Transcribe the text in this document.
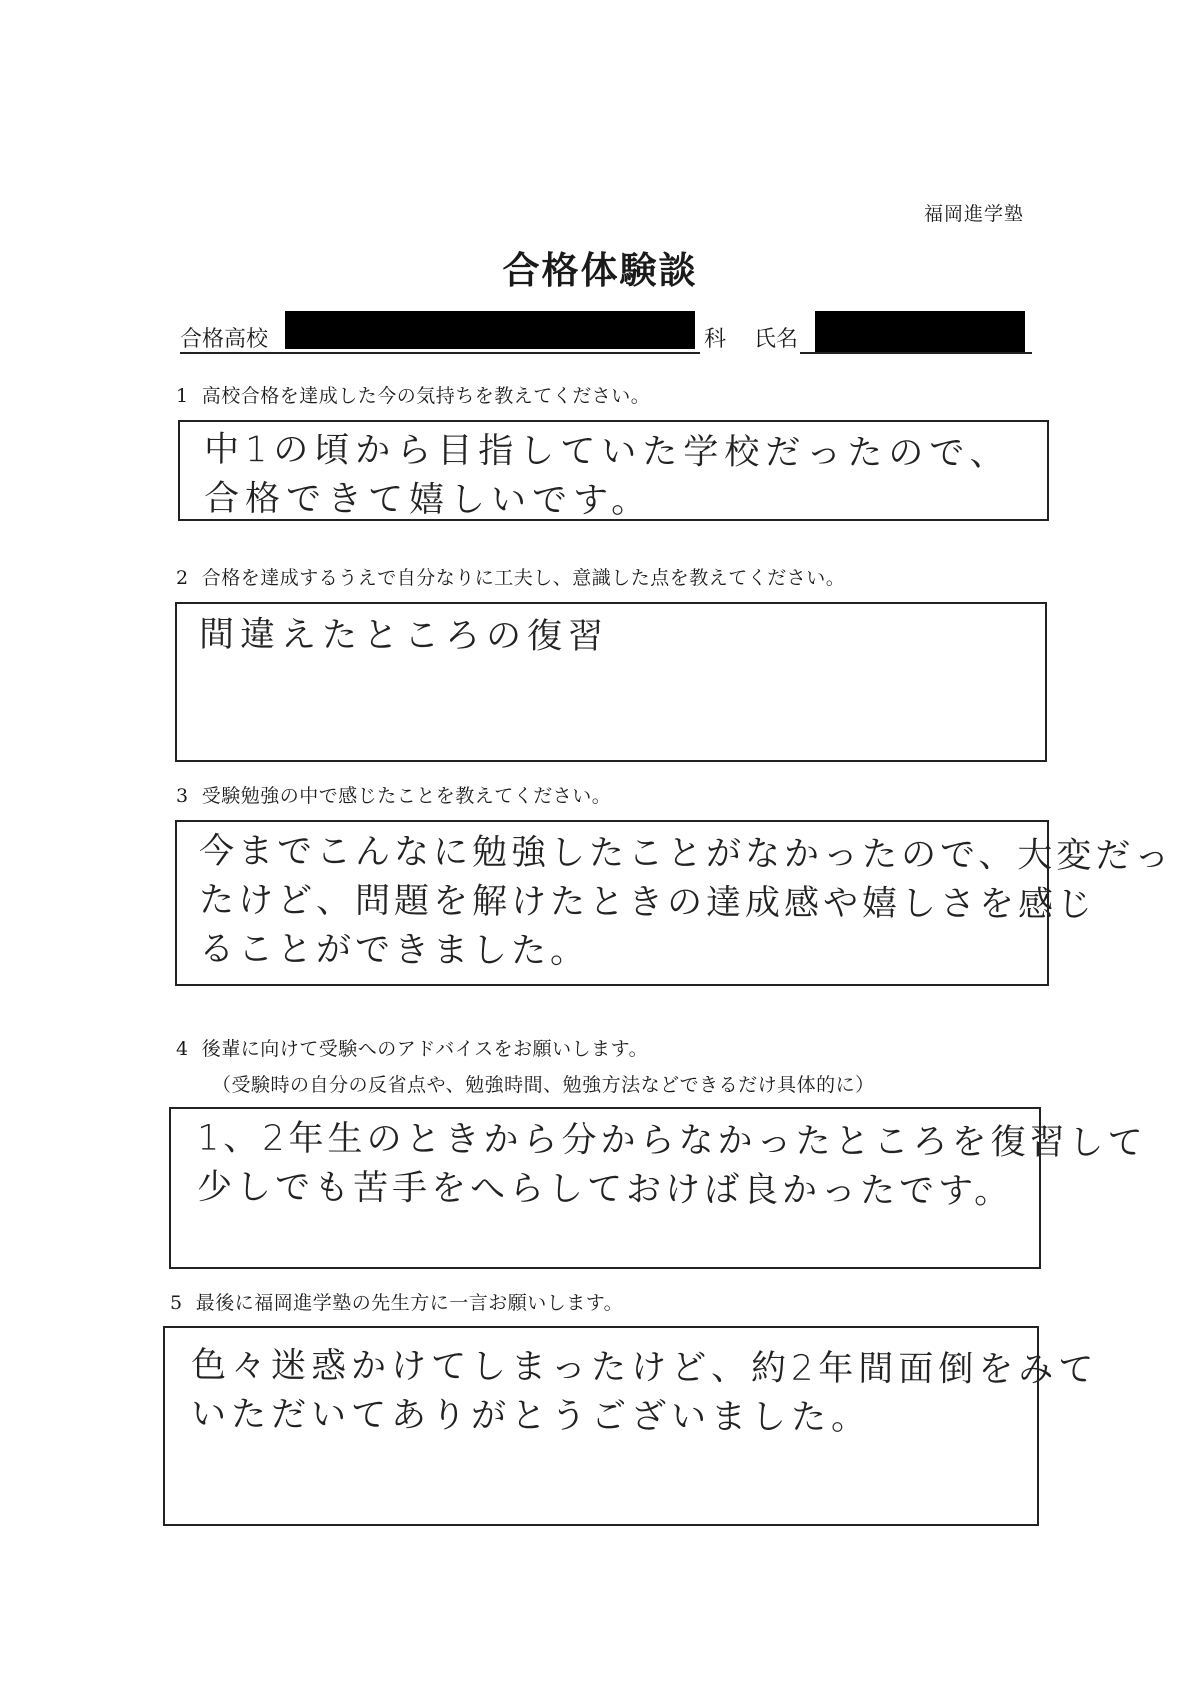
福岡進学塾
合格体験談
合格高校	科 氏名
1 高校合格を達成した今の気持ちを教えてください。
中1の頃から目指していた学校だったので、
合格できて嬉しいです。
2 合格を達成するうえで自分なりに工夫し、意識した点を教えてください。
間違えたところの復習
3 受験勉強の中で感じたことを教えてください。
今までこんなに勉強したことがなかったので、大変だっ
たけど、問題を解けたときの達成感や嬉しさを感じ
ることができました。
4 後輩に向けて受験へのアドバイスをお願いします。
（受験時の自分の反省点や、勉強時間、勉強方法などできるだけ具体的に）
1、2年生のときから分からなかったところを復習して
少しでも苦手をへらしておけば良かったです。
5 最後に福岡進学塾の先生方に一言お願いします。
色々迷惑かけてしまったけど、約2年間面倒をみて
いただいてありがとうございました。
